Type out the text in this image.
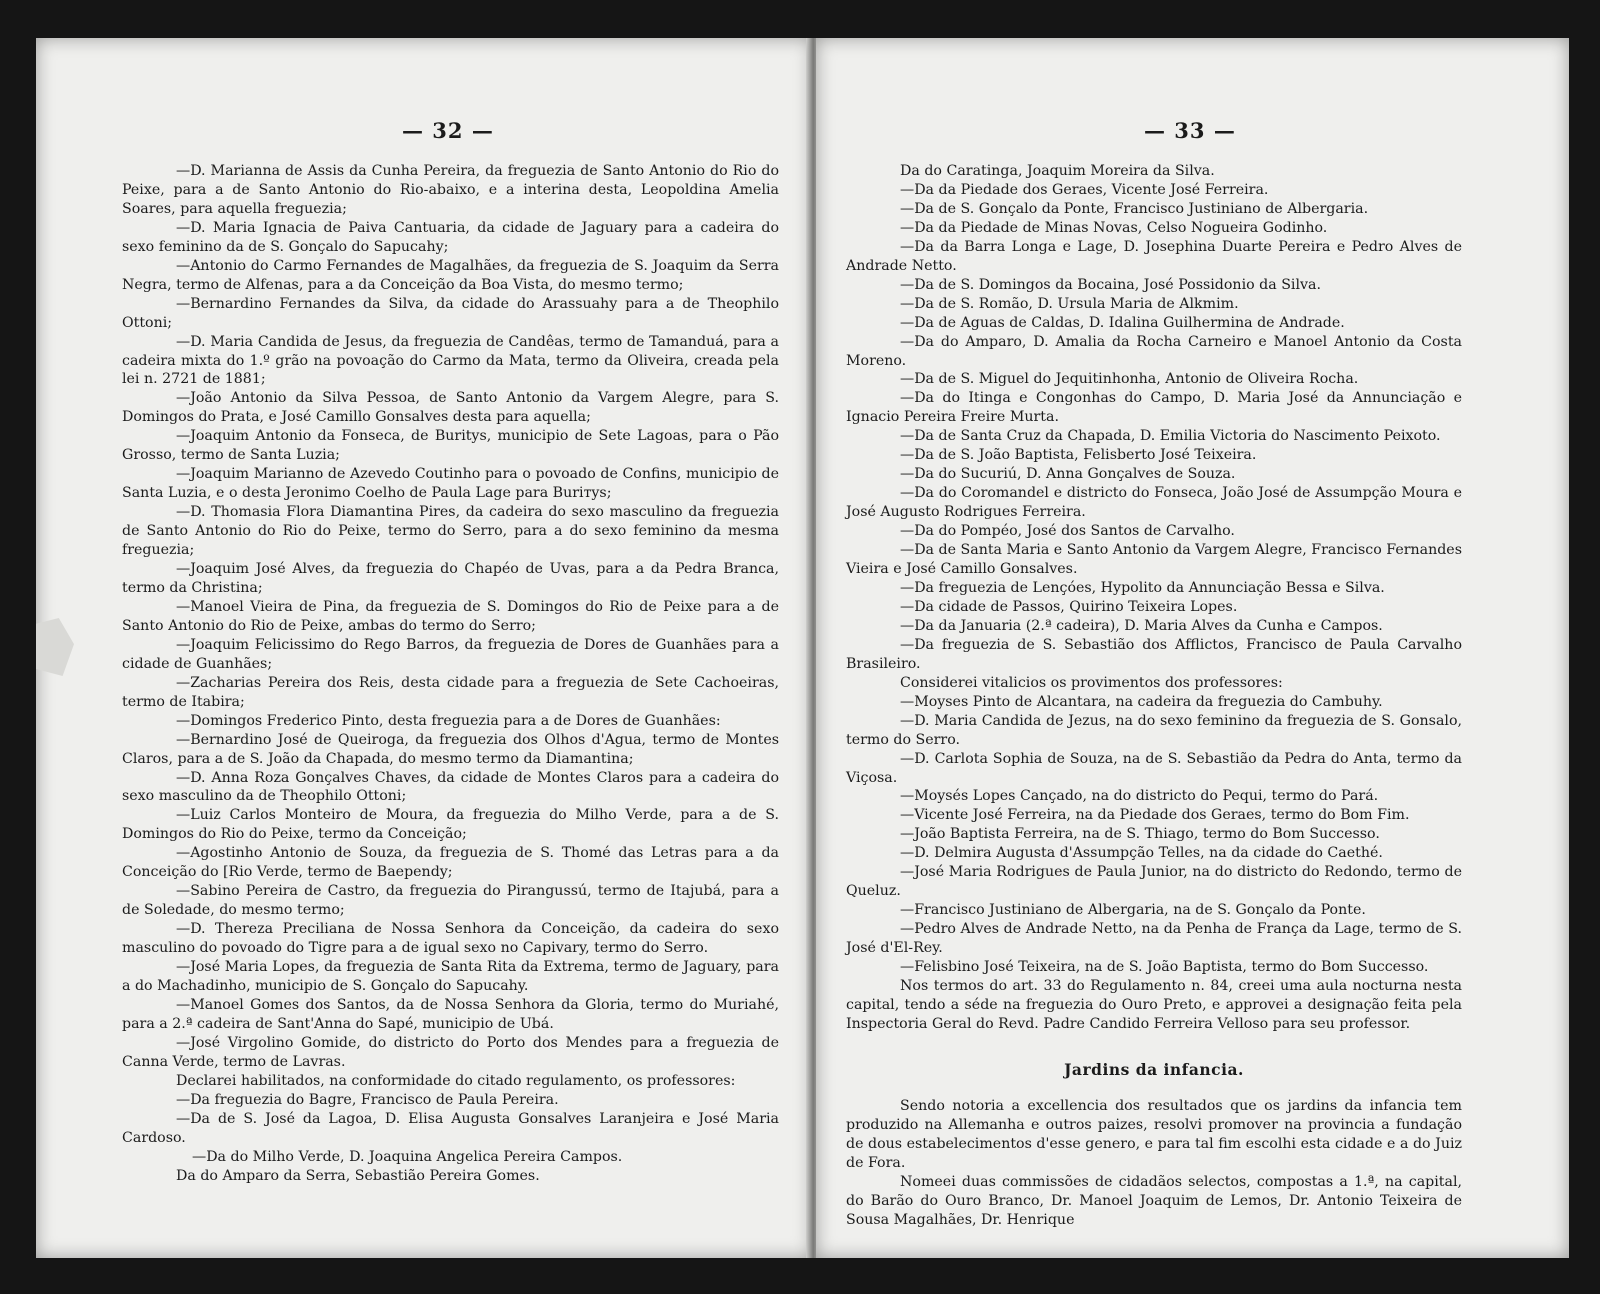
— 32 —

—D. Marianna de Assis da Cunha Pereira, da freguezia de Santo Antonio do Rio do Peixe, para a de Santo Antonio do Rio-abaixo, e a interina desta, Leopoldina Amelia Soares, para aquella freguezia;

—D. Maria Ignacia de Paiva Cantuaria, da cidade de Jaguary para a cadeira do sexo feminino da de S. Gonçalo do Sapucahy;

—Antonio do Carmo Fernandes de Magalhães, da freguezia de S. Joaquim da Serra Negra, termo de Alfenas, para a da Conceição da Boa Vista, do mesmo termo;

—Bernardino Fernandes da Silva, da cidade do Arassuahy para a de Theophilo Ottoni;

—D. Maria Candida de Jesus, da freguezia de Candêas, termo de Tamanduá, para a cadeira mixta do 1.º grão na povoação do Carmo da Mata, termo da Oliveira, creada pela lei n. 2721 de 1881;

—João Antonio da Silva Pessoa, de Santo Antonio da Vargem Alegre, para S. Domingos do Prata, e José Camillo Gonsalves desta para aquella;

—Joaquim Antonio da Fonseca, de Buritys, municipio de Sete Lagoas, para o Pão Grosso, termo de Santa Luzia;

—Joaquim Marianno de Azevedo Coutinho para o povoado de Confins, municipio de Santa Luzia, e o desta Jeronimo Coelho de Paula Lage para Burітys;

—D. Thomasia Flora Diamantina Pires, da cadeira do sexo masculino da freguezia de Santo Antonio do Rio do Peixe, termo do Serro, para a do sexo feminino da mesma freguezia;

—Joaquim José Alves, da freguezia do Chapéo de Uvas, para a da Pedra Branca, termo da Christina;

—Manoel Vieira de Pina, da freguezia de S. Domingos do Rio de Peixe para a de Santo Antonio do Rio de Peixe, ambas do termo do Serro;

—Joaquim Felicissimo do Rego Barros, da freguezia de Dores de Guanhães para a cidade de Guanhães;

—Zacharias Pereira dos Reis, desta cidade para a freguezia de Sete Cachoeiras, termo de Itabira;

—Domingos Frederico Pinto, desta freguezia para a de Dores de Guanhães:

—Bernardino José de Queiroga, da freguezia dos Olhos d'Agua, termo de Montes Claros, para a de S. João da Chapada, do mesmo termo da Diamantina;

—D. Anna Roza Gonçalves Chaves, da cidade de Montes Claros para a cadeira do sexo masculino da de Theophilo Ottoni;

—Luiz Carlos Monteiro de Moura, da freguezia do Milho Verde, para a de S. Domingos do Rio do Peixe, termo da Conceição;

—Agostinho Antonio de Souza, da freguezia de S. Thomé das Letras para a da Conceição do [Rio Verde, termo de Baependy;

—Sabino Pereira de Castro, da freguezia do Pirangussú, termo de Itajubá, para a de Soledade, do mesmo termo;

—D. Thereza Preciliana de Nossa Senhora da Conceição, da cadeira do sexo masculino do povoado do Tigre para a de igual sexo no Capivary, termo do Serro.

—José Maria Lopes, da freguezia de Santa Rita da Extrema, termo de Jaguary, para a do Machadinho, municipio de S. Gonçalo do Sapucahy.

—Manoel Gomes dos Santos, da de Nossa Senhora da Gloria, termo do Muriahé, para a 2.ª cadeira de Sant'Anna do Sapé, municipio de Ubá.

—José Virgolino Gomide, do districto do Porto dos Mendes para a freguezia de Canna Verde, termo de Lavras.

Declarei habilitados, na conformidade do citado regulamento, os professores:

—Da freguezia do Bagre, Francisco de Paula Pereira.

—Da de S. José da Lagoa, D. Elisa Augusta Gonsalves Laranjeira e José Maria Cardoso.

—Da do Milho Verde, D. Joaquina Angelica Pereira Campos.

Da do Amparo da Serra, Sebastião Pereira Gomes.

— 33 —

Da do Caratinga, Joaquim Moreira da Silva.

—Da da Piedade dos Geraes, Vicente José Ferreira.

—Da de S. Gonçalo da Ponte, Francisco Justiniano de Albergaria.

—Da da Piedade de Minas Novas, Celso Nogueira Godinho.

—Da da Barra Longa e Lage, D. Josephina Duarte Pereira e Pedro Alves de Andrade Netto.

—Da de S. Domingos da Bocaina, José Possidonio da Silva.

—Da de S. Romão, D. Ursula Maria de Alkmim.

—Da de Aguas de Caldas, D. Idalina Guilhermina de Andrade.

—Da do Amparo, D. Amalia da Rocha Carneiro e Manoel Antonio da Costa Moreno.

—Da de S. Miguel do Jequitinhonha, Antonio de Oliveira Rocha.

—Da do Itinga e Congonhas do Campo, D. Maria José da Annunciação e Ignacio Pereira Freire Murta.

—Da de Santa Cruz da Chapada, D. Emilia Victoria do Nascimento Peixoto.

—Da de S. João Baptista, Felisberto José Teixeira.

—Da do Sucuriú, D. Anna Gonçalves de Souza.

—Da do Coromandel e districto do Fonseca, João José de Assumpção Moura e José Augusto Rodrigues Ferreira.

—Da do Pompéo, José dos Santos de Carvalho.

—Da de Santa Maria e Santo Antonio da Vargem Alegre, Francisco Fernandes Vieira e José Camillo Gonsalves.

—Da freguezia de Lençóes, Hypolito da Annunciação Bessa e Silva.

—Da cidade de Passos, Quirino Teixeira Lopes.

—Da da Januaria (2.ª cadeira), D. Maria Alves da Cunha e Campos.

—Da freguezia de S. Sebastião dos Afflictos, Francisco de Paula Carvalho Brasileiro.

Considerei vitalicios os provimentos dos professores:

—Moyses Pinto de Alcantara, na cadeira da freguezia do Cambuhy.

—D. Maria Candida de Jezus, na do sexo feminino da freguezia de S. Gonsalo, termo do Serro.

—D. Carlota Sophia de Souza, na de S. Sebastião da Pedra do Anta, termo da Viçosa.

—Moysés Lopes Cançado, na do districto do Pequi, termo do Pará.

—Vicente José Ferreira, na da Piedade dos Geraes, termo do Bom Fim.

—João Baptista Ferreira, na de S. Thiago, termo do Bom Successo.

—D. Delmira Augusta d'Assumpção Telles, na da cidade do Caethé.

—José Maria Rodrigues de Paula Junior, na do districto do Redondo, termo de Queluz.

—Francisco Justiniano de Albergaria, na de S. Gonçalo da Ponte.

—Pedro Alves de Andrade Netto, na da Penha de França da Lage, termo de S. José d'El-Rey.

—Felisbino José Teixeira, na de S. João Baptista, termo do Bom Successo.

Nos termos do art. 33 do Regulamento n. 84, creei uma aula nocturna nesta capital, tendo a séde na freguezia do Ouro Preto, e approvei a designação feita pela Inspectoria Geral do Revd. Padre Candido Ferreira Velloso para seu professor.

Jardins da infancia.

Sendo notoria a excellencia dos resultados que os jardins da infancia tem produzido na Allemanha e outros paizes, resolvi promover na provincia a fundação de dous estabelecimentos d'esse genero, e para tal fim escolhi esta cidade e a do Juiz de Fora.

Nomeei duas commissões de cidadãos selectos, compostas a 1.ª, na capital, do Barão do Ouro Branco, Dr. Manoel Joaquim de Lemos, Dr. Antonio Teixeira de Sousa Magalhães, Dr. Henrique
